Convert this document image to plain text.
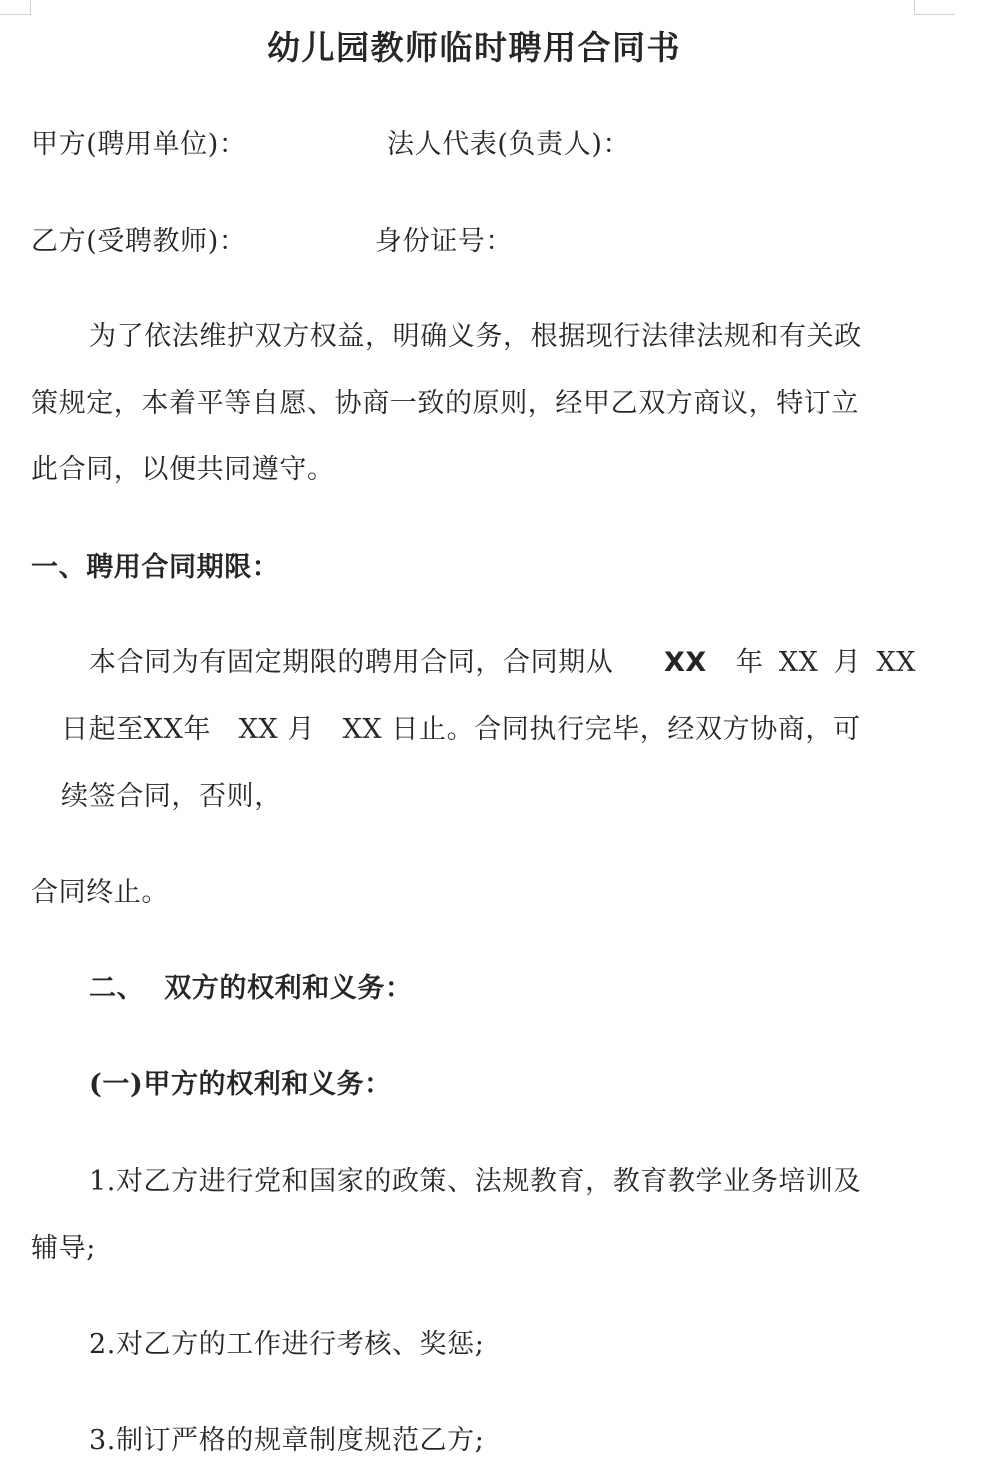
幼儿园教师临时聘用合同书
甲方(聘用单位)：	法人代表(负责人)：
乙方(受聘教师)：	身份证号：
为了依法维护双方权益，明确义务，根据现行法律法规和有关政
策规定，本着平等自愿、协商一致的原则，经甲乙双方商议，特订立
此合同，以便共同遵守。
一、聘用合同期限：
本合同为有固定期限的聘用合同，合同期从 XX 年 XX 月 XX
日起至XX年   XX 月   XX 日止。合同执行完毕，经双方协商，可
续签合同，否则，
合同终止。
二、  双方的权利和义务：
(一)甲方的权利和义务：
1.对乙方进行党和国家的政策、法规教育，教育教学业务培训及
辅导;
2.对乙方的工作进行考核、奖惩;
3.制订严格的规章制度规范乙方;
